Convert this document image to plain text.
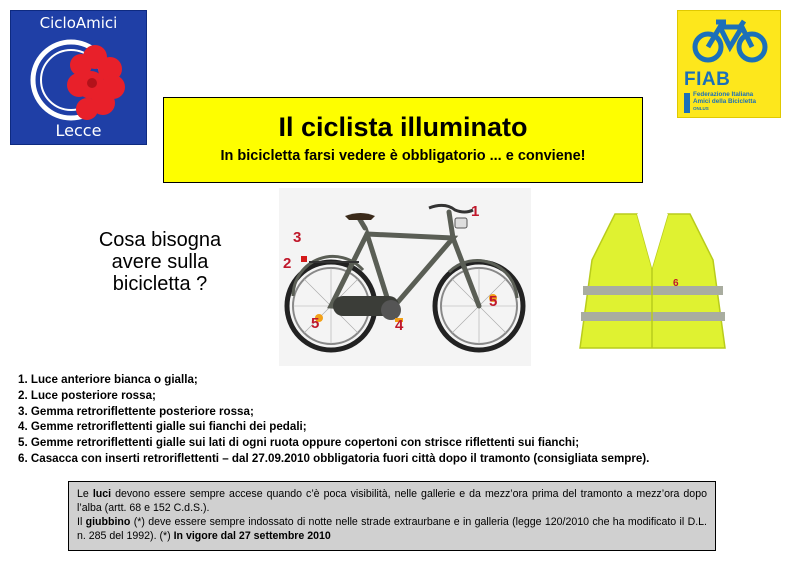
CicloAmici
Lecce
FIAB
Federazione Italiana
Amici della Bicicletta
ONLUS
Il ciclista illuminato
In bicicletta farsi vedere è obbligatorio ... e conviene!
Cosa bisogna
avere sulla
bicicletta ?
1
2
3
4
5
5
6
1. Luce anteriore bianca o gialla;
2. Luce posteriore rossa;
3. Gemma retroriflettente posteriore rossa;
4. Gemme retroriflettenti gialle sui fianchi dei pedali;
5. Gemme retroriflettenti gialle sui lati di ogni ruota oppure copertoni con strisce riflettenti sui fianchi;
6. Casacca con inserti retroriflettenti – dal 27.09.2010 obbligatoria fuori città dopo il tramonto (consigliata sempre).

Le luci devono essere sempre accese quando c’è poca visibilità, nelle gallerie e da mezz’ora prima del tramonto a mezz’ora dopo l’alba (artt. 68 e 152 C.d.S.).

Il giubbino (*) deve essere sempre indossato di notte nelle strade extraurbane e in galleria (legge 120/2010 che ha modificato il D.L. n. 285 del 1992). (*) In vigore dal 27 settembre 2010
